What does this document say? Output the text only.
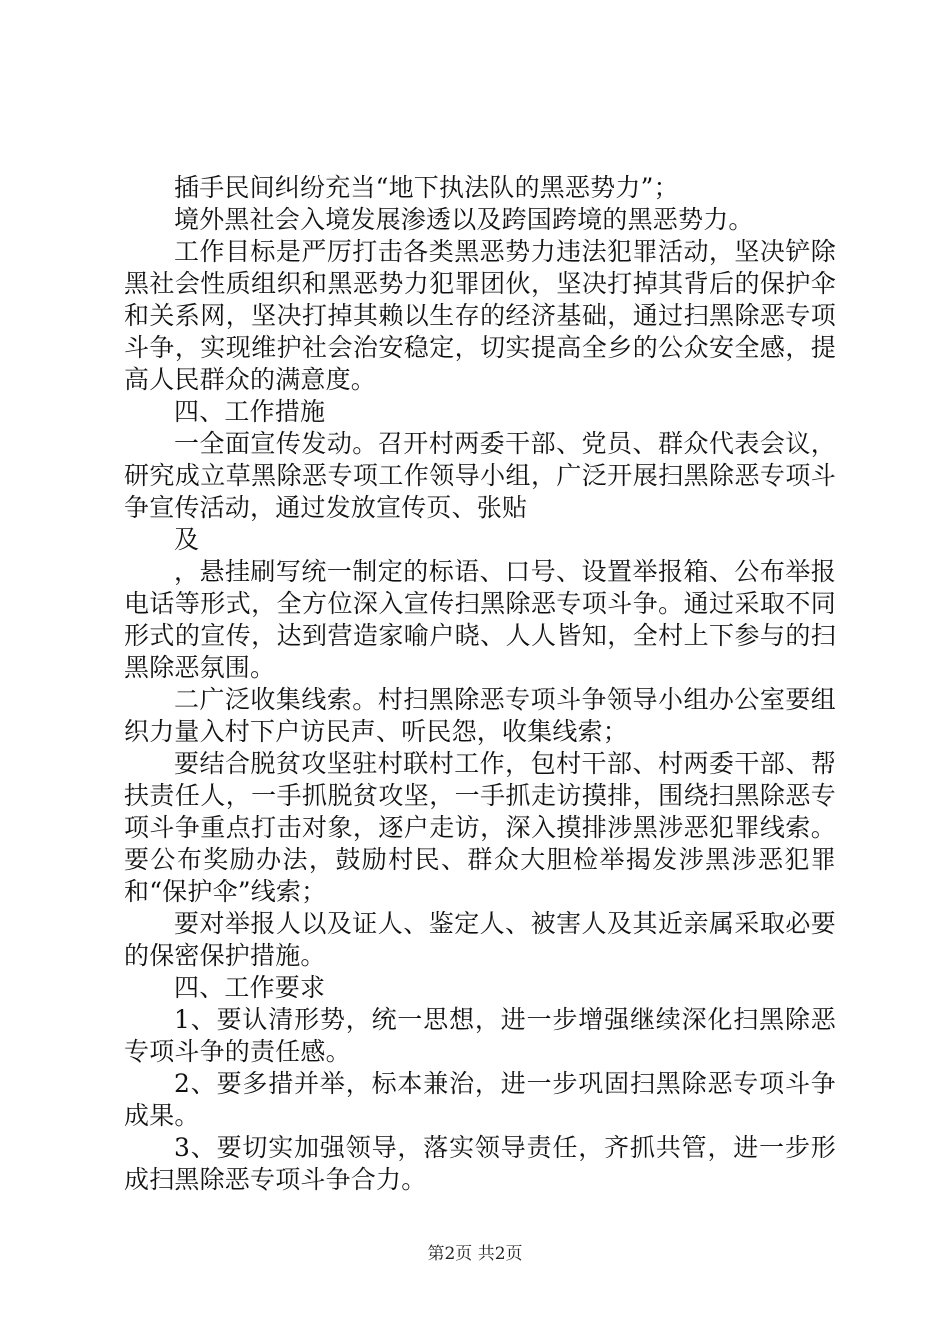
插手民间纠纷充当“地下执法队的黑恶势力”；

境外黑社会入境发展渗透以及跨国跨境的黑恶势力。

工作目标是严厉打击各类黑恶势力违法犯罪活动，坚决铲除黑社会性质组织和黑恶势力犯罪团伙，坚决打掉其背后的保护伞和关系网，坚决打掉其赖以生存的经济基础，通过扫黑除恶专项斗争，实现维护社会治安稳定，切实提高全乡的公众安全感，提高人民群众的满意度。

四、工作措施

一全面宣传发动。召开村两委干部、党员、群众代表会议，研究成立草黑除恶专项工作领导小组，广泛开展扫黑除恶专项斗争宣传活动，通过发放宣传页、张贴

及

，悬挂刷写统一制定的标语、口号、设置举报箱、公布举报电话等形式，全方位深入宣传扫黑除恶专项斗争。通过采取不同形式的宣传，达到营造家喻户晓、人人皆知，全村上下参与的扫黑除恶氛围。

二广泛收集线索。村扫黑除恶专项斗争领导小组办公室要组织力量入村下户访民声、听民怨，收集线索；

要结合脱贫攻坚驻村联村工作，包村干部、村两委干部、帮扶责任人，一手抓脱贫攻坚，一手抓走访摸排，围绕扫黑除恶专项斗争重点打击对象，逐户走访，深入摸排涉黑涉恶犯罪线索。要公布奖励办法，鼓励村民、群众大胆检举揭发涉黑涉恶犯罪和“保护伞”线索；

要对举报人以及证人、鉴定人、被害人及其近亲属采取必要的保密保护措施。

四、工作要求

1、要认清形势，统一思想，进一步增强继续深化扫黑除恶专项斗争的责任感。

2、要多措并举，标本兼治，进一步巩固扫黑除恶专项斗争成果。

3、要切实加强领导，落实领导责任，齐抓共管，进一步形成扫黑除恶专项斗争合力。

第2页 共2页
